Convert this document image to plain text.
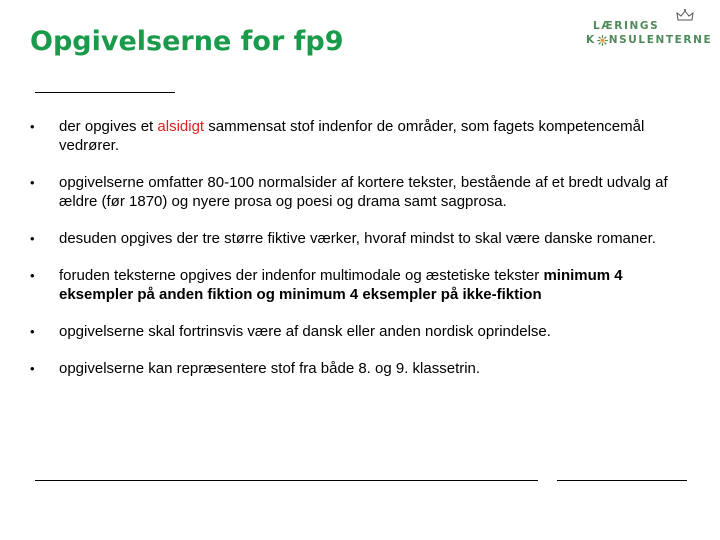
Opgivelserne for fp9	LÆRINGS
K NSULENTERNE
• der opgives et alsidigt sammensat stof indenfor de områder, som fagets kompetencemål vedrører.
• opgivelserne omfatter 80-100 normalsider af kortere tekster, bestående af et bredt udvalg af ældre (før 1870) og nyere prosa og poesi og drama samt sagprosa.
• desuden opgives der tre større fiktive værker, hvoraf mindst to skal være danske romaner.
• foruden teksterne opgives der indenfor multimodale og æstetiske tekster minimum 4 eksempler på anden fiktion og minimum 4 eksempler på ikke-fiktion
• opgivelserne skal fortrinsvis være af dansk eller anden nordisk oprindelse.
• opgivelserne kan repræsentere stof fra både 8. og 9. klassetrin.
